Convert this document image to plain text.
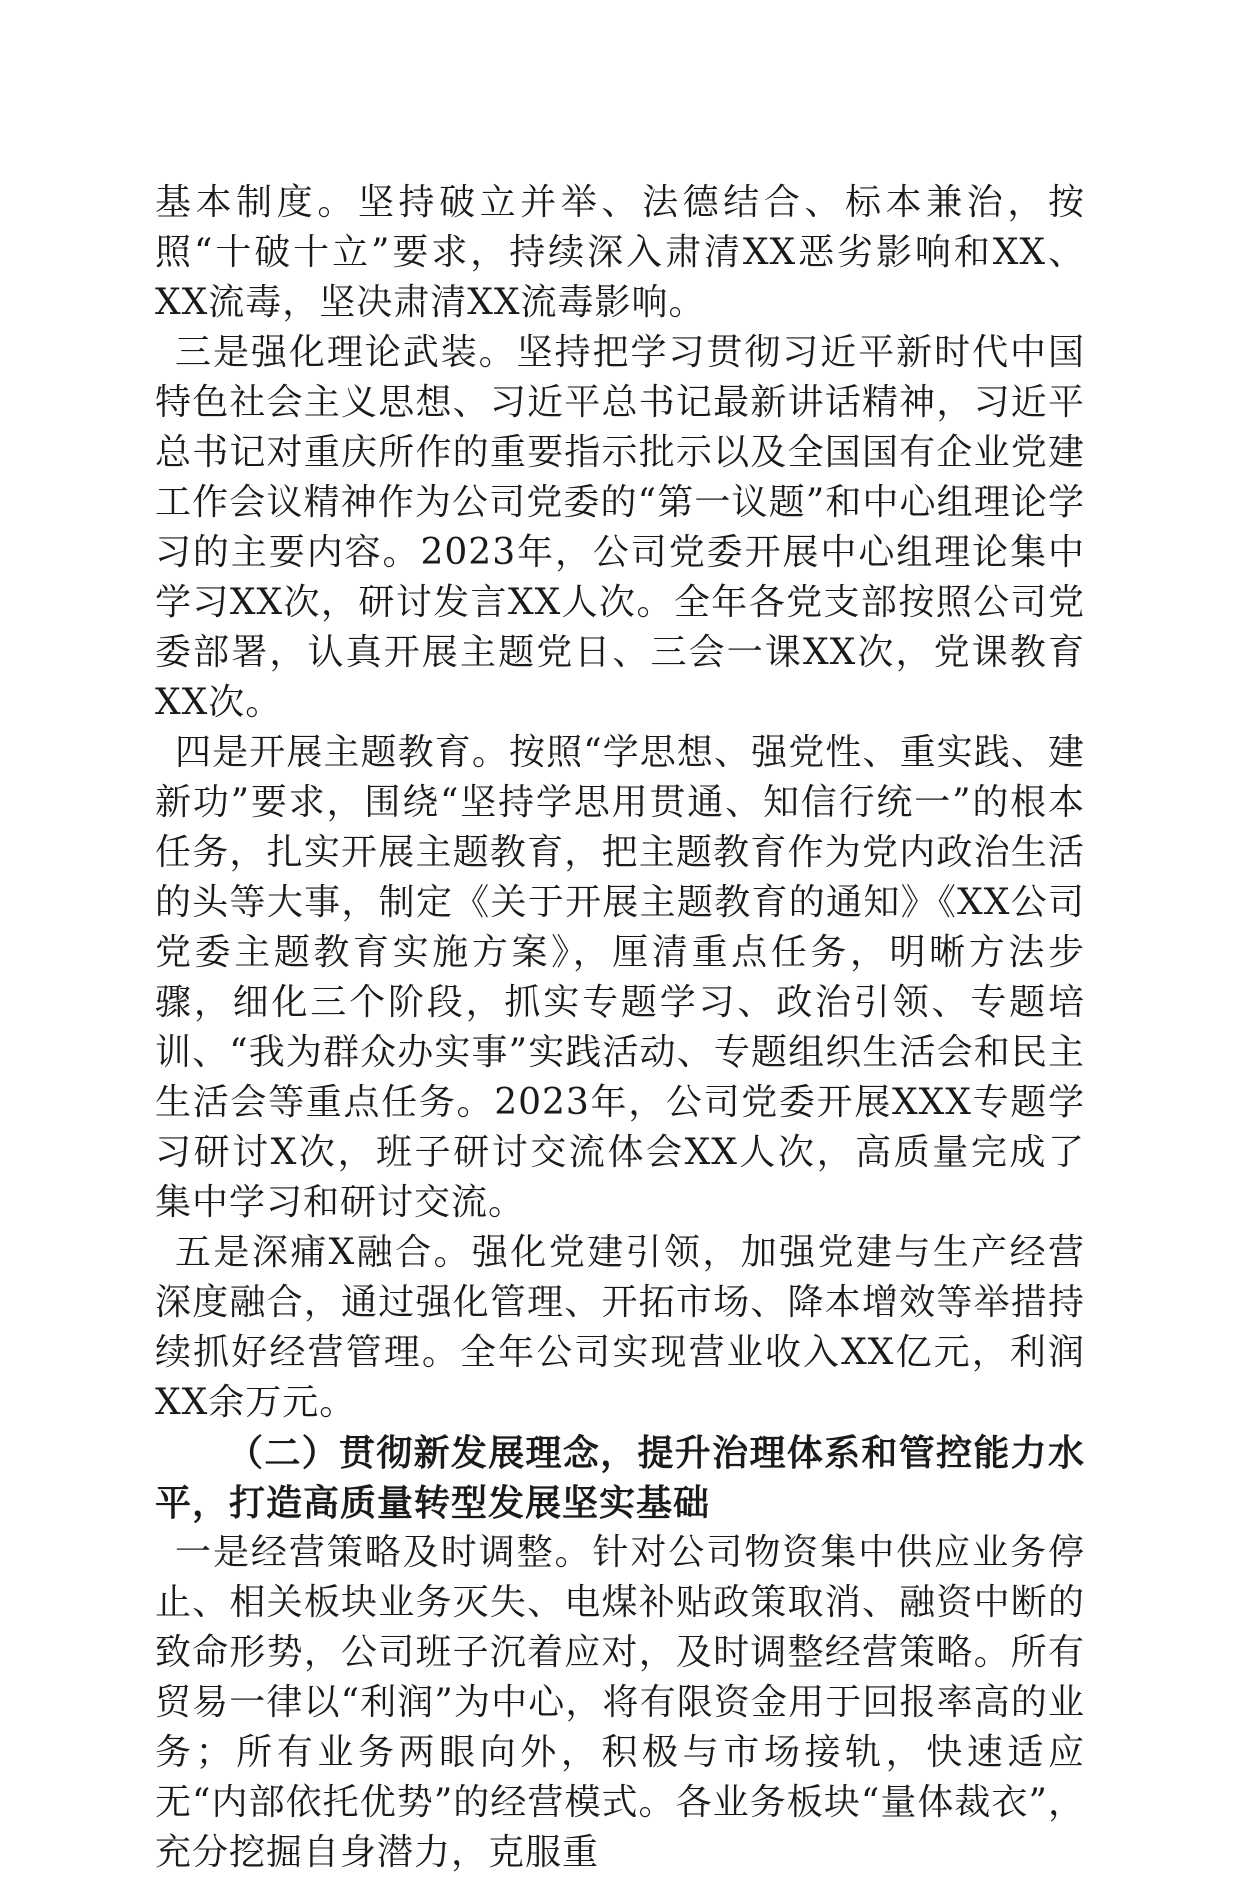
基本制度。坚持破立并举、法德结合、标本兼治，按照“十破十立”要求，持续深入肃清XX恶劣影响和XX、XX流毒，坚决肃清XX流毒影响。

三是强化理论武装。坚持把学习贯彻习近平新时代中国特色社会主义思想、习近平总书记最新讲话精神，习近平总书记对重庆所作的重要指示批示以及全国国有企业党建工作会议精神作为公司党委的“第一议题”和中心组理论学习的主要内容。2023年，公司党委开展中心组理论集中学习XX次，研讨发言XX人次。全年各党支部按照公司党委部署，认真开展主题党日、三会一课XX次，党课教育XX次。

四是开展主题教育。按照“学思想、强党性、重实践、建新功”要求，围绕“坚持学思用贯通、知信行统一”的根本任务，扎实开展主题教育，把主题教育作为党内政治生活的头等大事，制定《关于开展主题教育的通知》《XX公司党委主题教育实施方案》，厘清重点任务，明晰方法步骤，细化三个阶段，抓实专题学习、政治引领、专题培训、“我为群众办实事”实践活动、专题组织生活会和民主生活会等重点任务。2023年，公司党委开展XXX专题学习研讨X次，班子研讨交流体会XX人次，高质量完成了集中学习和研讨交流。

五是深痡X融合。强化党建引领，加强党建与生产经营深度融合，通过强化管理、开拓市场、降本增效等举措持续抓好经营管理。全年公司实现营业收入XX亿元，利润XX余万元。

（二）贯彻新发展理念，提升治理体系和管控能力水平，打造高质量转型发展坚实基础

一是经营策略及时调整。针对公司物资集中供应业务停止、相关板块业务灭失、电煤补贴政策取消、融资中断的致命形势，公司班子沉着应对，及时调整经营策略。所有贸易一律以“利润”为中心，将有限资金用于回报率高的业务；所有业务两眼向外，积极与市场接轨，快速适应无“内部依托优势”的经营模式。各业务板块“量体裁衣”，充分挖掘自身潜力，克服重
